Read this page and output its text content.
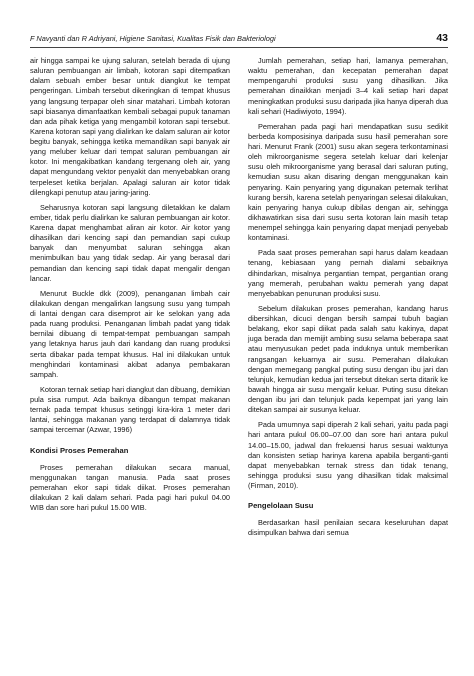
F Navyanti dan R Adriyani, Higiene Sanitasi, Kualitas Fisik dan Bakteriologi	43

air hingga sampai ke ujung saluran, setelah berada di ujung saluran pembuangan air limbah, kotoran sapi ditempatkan dalam sebuah ember besar untuk diangkut ke tempat pengeringan. Limbah tersebut dikeringkan di tempat khusus yang langsung terpapar oleh sinar matahari. Limbah kotoran sapi biasanya dimanfaatkan kembali sebagai pupuk tanaman dan ada pihak ketiga yang mengambil kotoran sapi tersebut. Karena kotoran sapi yang dialirkan ke dalam saluran air kotor begitu banyak, sehingga ketika memandikan sapi banyak air yang meluber keluar dari tempat saluran pembuangan air kotor. Ini mengakibatkan kandang tergenang oleh air, yang dapat mengundang vektor penyakit dan menyebabkan orang terpeleset ketika berjalan. Apalagi saluran air kotor tidak dilengkapi penutup atau jaring-jaring.

Seharusnya kotoran sapi langsung diletakkan ke dalam ember, tidak perlu dialirkan ke saluran pembuangan air kotor. Karena dapat menghambat aliran air kotor. Air kotor yang dihasilkan dari kencing sapi dan pemandian sapi cukup banyak dan menyumbat saluran sehingga akan menimbulkan bau yang tidak sedap. Air yang berasal dari pemandian dan kencing sapi tidak dapat mengalir dengan lancar.

Menurut Buckle dkk (2009), penanganan limbah cair dilakukan dengan mengalirkan langsung susu yang tumpah di lantai dengan cara disemprot air ke selokan yang ada pada ruang produksi. Penanganan limbah padat yang tidak bernilai dibuang di tempat-tempat pembuangan sampah yang letaknya harus jauh dari kandang dan ruang produksi serta dibakar pada tempat khusus. Hal ini dilakukan untuk menghindari kontaminasi akibat adanya pembakaran sampah.

Kotoran ternak setiap hari diangkut dan dibuang, demikian pula sisa rumput. Ada baiknya dibangun tempat makanan ternak pada tempat khusus setinggi kira-kira 1 meter dari lantai, sehingga makanan yang terdapat di dalamnya tidak sampai tercemar (Azwar, 1996)

Kondisi Proses Pemerahan

Proses pemerahan dilakukan secara manual, menggunakan tangan manusia. Pada saat proses pemerahan ekor sapi tidak diikat. Proses pemerahan dilakukan 2 kali dalam sehari. Pada pagi hari pukul 04.00 WIB dan sore hari pukul 15.00 WIB.

Jumlah pemerahan, setiap hari, lamanya pemerahan, waktu pemerahan, dan kecepatan pemerahan dapat mempengaruhi produksi susu yang dihasilkan. Jika pemerahan dinaikkan menjadi 3–4 kali setiap hari dapat meningkatkan produksi susu daripada jika hanya diperah dua kali sehari (Hadiwiyoto, 1994).

Pemerahan pada pagi hari mendapatkan susu sedikit berbeda komposisinya daripada susu hasil pemerahan sore hari. Menurut Frank (2001) susu akan segera terkontaminasi oleh mikroorganisme segera setelah keluar dari kelenjar susu oleh mikroorganisme yang berasal dari saluran puting, kemudian susu akan disaring dengan menggunakan kain penyaring. Kain penyaring yang digunakan peternak terlihat kurang bersih, karena setelah penyaringan selesai dilakukan, kain penyaring hanya cukup dibilas dengan air, sehingga dikhawatirkan sisa dari susu serta kotoran lain masih tetap menempel sehingga kain penyaring dapat menjadi penyebab kontaminasi.

Pada saat proses pemerahan sapi harus dalam keadaan tenang, kebiasaan yang pernah dialami sebaiknya dihindarkan, misalnya pergantian tempat, pergantian orang yang memerah, perubahan waktu pemerah yang dapat menyebabkan penurunan produksi susu.

Sebelum dilakukan proses pemerahan, kandang harus dibersihkan, dicuci dengan bersih sampai tubuh bagian belakang, ekor sapi diikat pada salah satu kakinya, dapat juga berada dan memijit ambing susu selama beberapa saat atau menyusukan pedet pada induknya untuk memberikan rangsangan keluarnya air susu. Pemerahan dilakukan dengan memegang pangkal puting susu dengan ibu jari dan telunjuk, kemudian kedua jari tersebut ditekan serta ditarik ke bawah hingga air susu mengalir keluar. Puting susu ditekan dengan ibu jari dan telunjuk pada kepempat jari yang lain ditekan sampai air susunya keluar.

Pada umumnya sapi diperah 2 kali sehari, yaitu pada pagi hari antara pukul 06.00–07.00 dan sore hari antara pukul 14.00–15.00, jadwal dan frekuensi harus sesuai waktunya dan konsisten setiap harinya karena apabila berganti-ganti dapat menyebabkan ternak stress dan tidak tenang, sehingga produksi susu yang dihasilkan tidak maksimal (Firman, 2010).

Pengelolaan Susu

Berdasarkan hasil penilaian secara keseluruhan dapat disimpulkan bahwa dari semua
